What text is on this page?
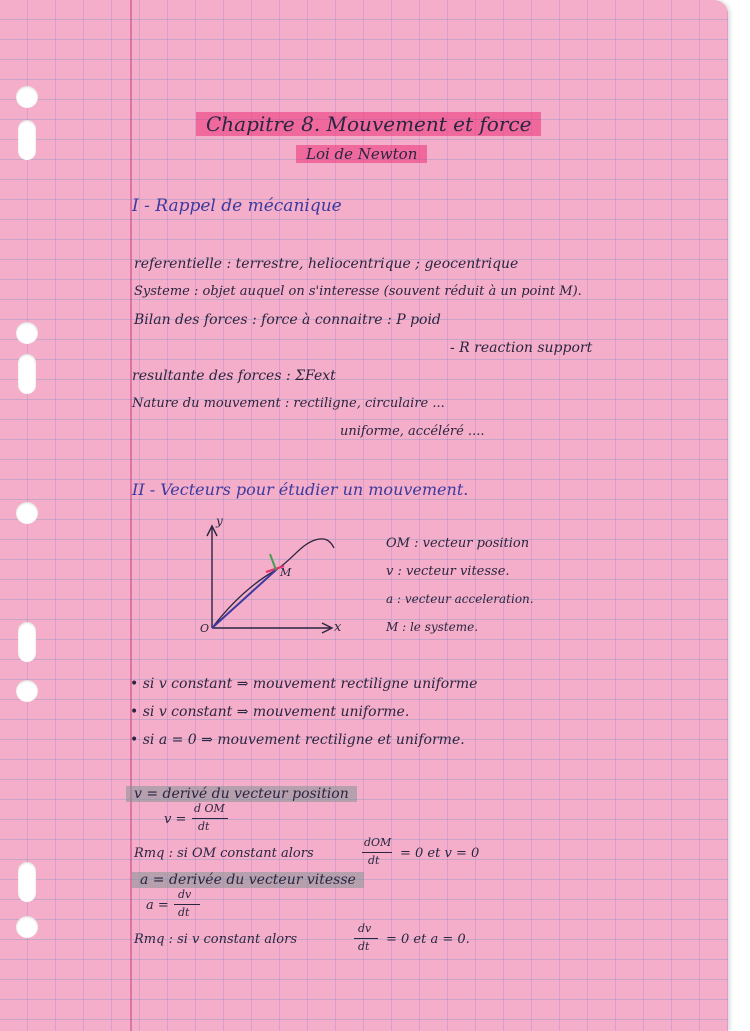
Chapitre 8. Mouvement et force
Loi de Newton
I - Rappel de mécanique
referentielle : terrestre, heliocentrique ; geocentrique
Systeme : objet auquel on s'interesse (souvent réduit à un point M).
Bilan des forces : force à connaitre : P poid
- R reaction support
resultante des forces : ΣFext
Nature du mouvement : rectiligne, circulaire ...
uniforme, accéléré ....
II - Vecteurs pour étudier un mouvement.
y
x
O
M
OM : vecteur position
v : vecteur vitesse.
a : vecteur acceleration.
M : le systeme.
• si v constant ⇒ mouvement rectiligne uniforme
• si v constant ⇒ mouvement uniforme.
• si a = 0 ⇒ mouvement rectiligne et uniforme.
v = derivé du vecteur position
v =
d OM
dt
Rmq : si OM constant alors
dOM
dt = 0 et v = 0
a = derivée du vecteur vitesse
a =
dv
dt
Rmq : si v constant alors
dv
dt = 0 et a = 0.
